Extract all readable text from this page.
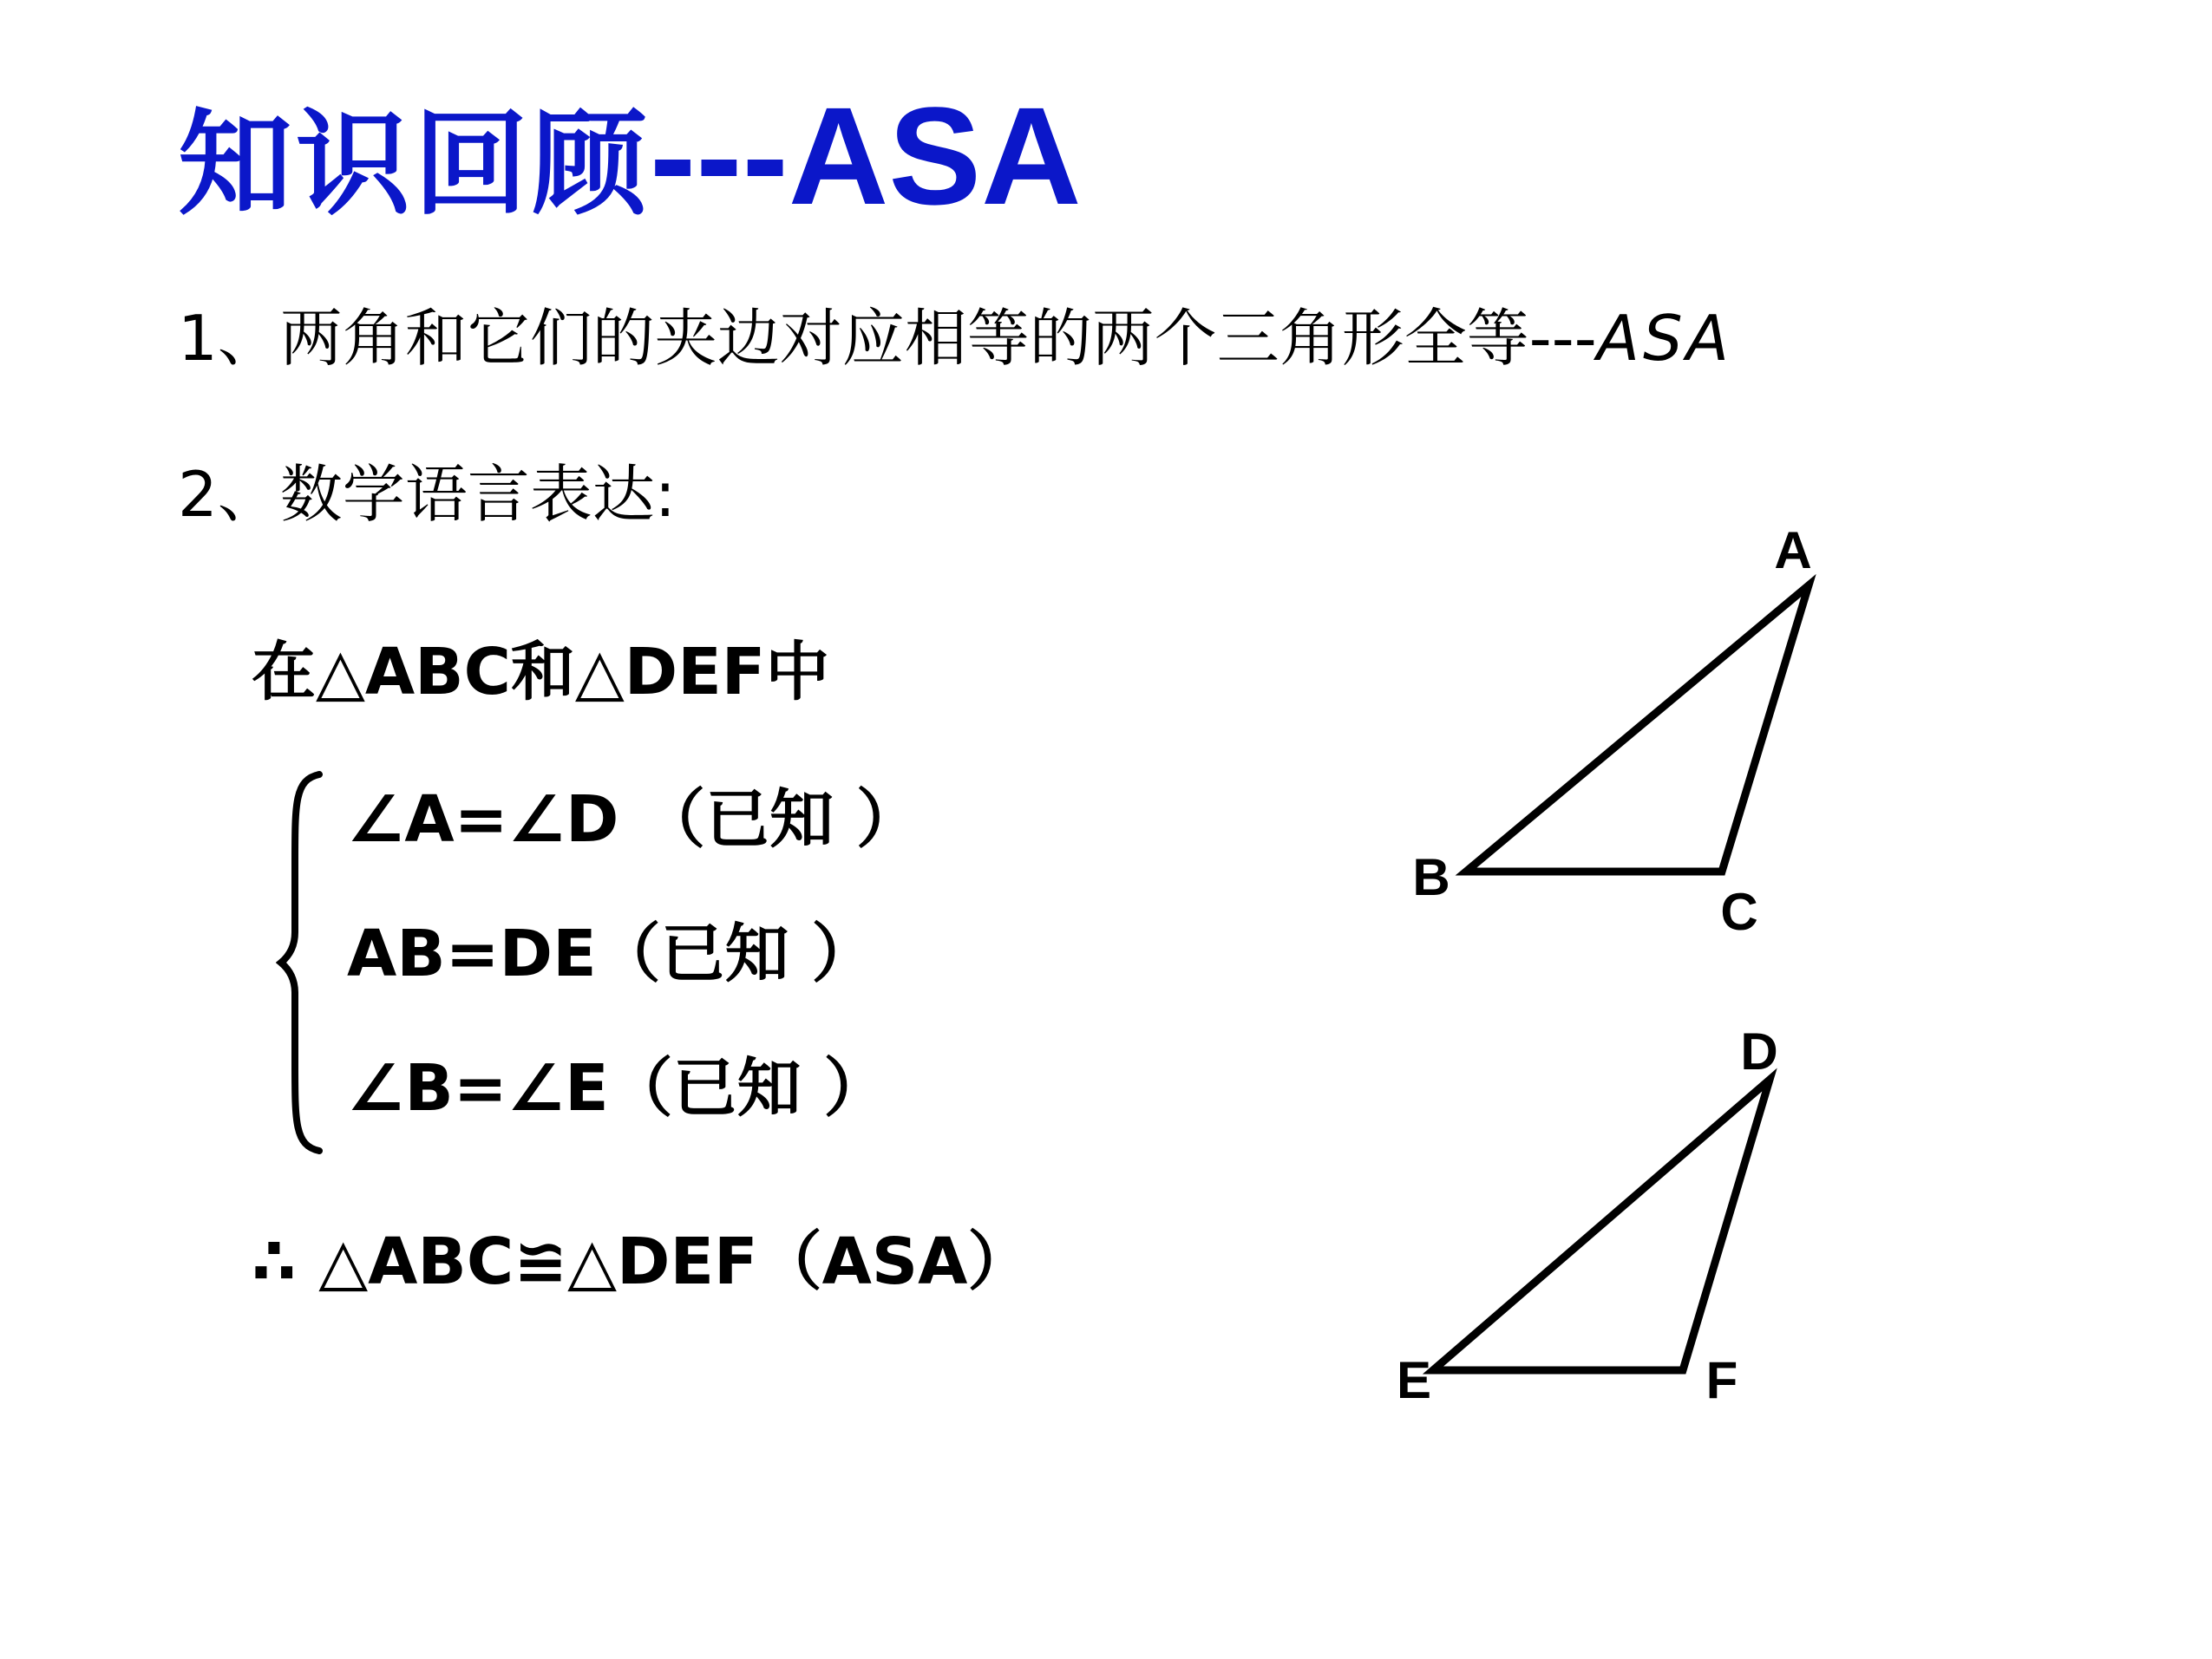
知识回顾---ASA
1、两角和它们的夹边对应相等的两个三角形全等---ASA
2、数学语言表达:
在△ABC和△DEF中
∠A=∠D （已知 ）
AB=DE（已知 ）
∠B=∠E（已知 ）
∴ △ABC≌△DEF（ASA）
A
B
C
D
E	F
